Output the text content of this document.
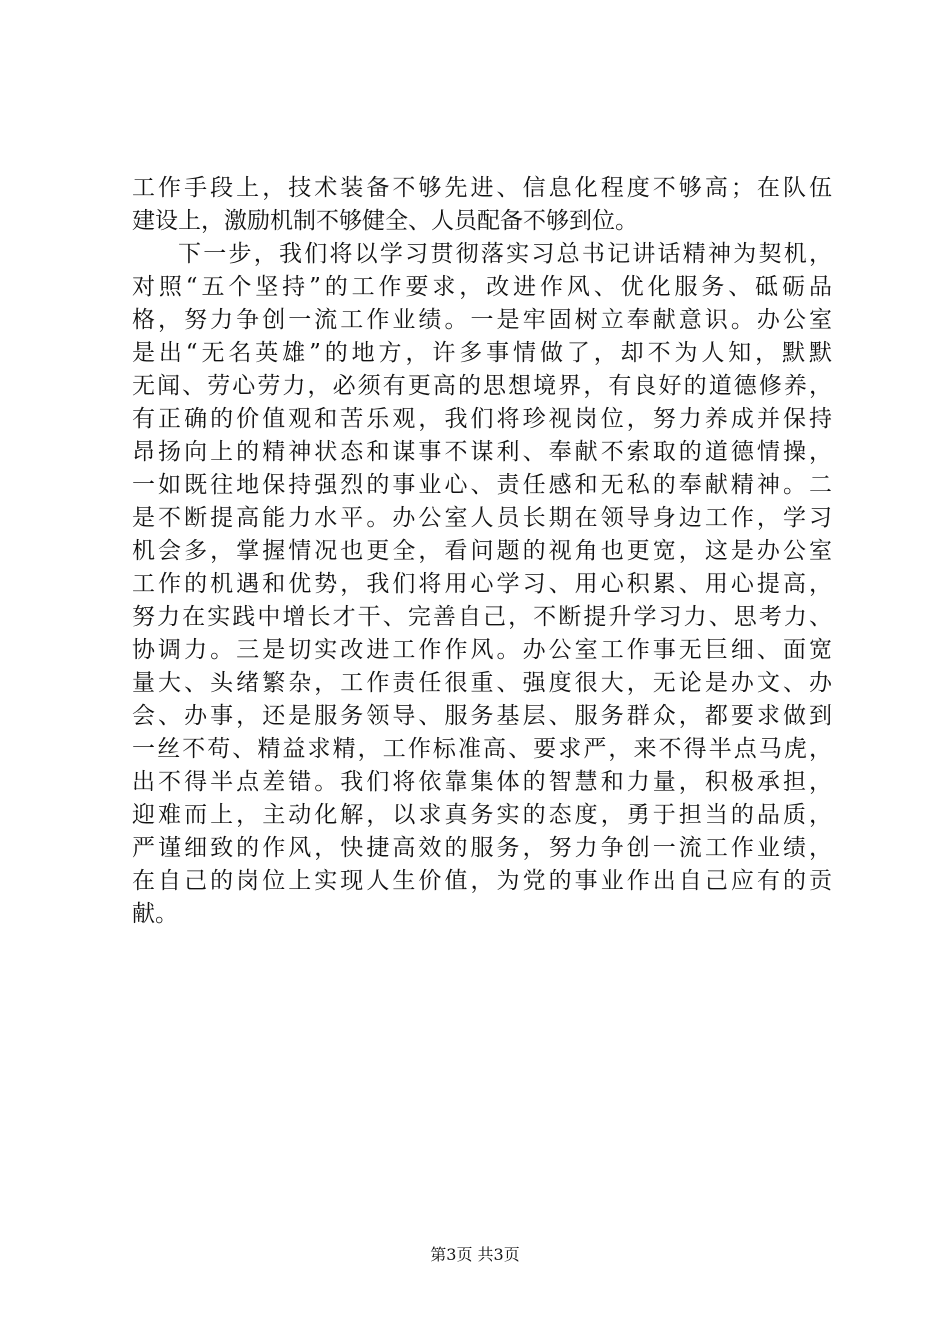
工作手段上，技术装备不够先进、信息化程度不够高；在队伍
建设上，激励机制不够健全、人员配备不够到位。
下一步，我们将以学习贯彻落实习总书记讲话精神为契机，
对照“五个坚持”的工作要求，改进作风、优化服务、砥砺品
格，努力争创一流工作业绩。一是牢固树立奉献意识。办公室
是出“无名英雄”的地方，许多事情做了，却不为人知，默默
无闻、劳心劳力，必须有更高的思想境界，有良好的道德修养，
有正确的价值观和苦乐观，我们将珍视岗位，努力养成并保持
昂扬向上的精神状态和谋事不谋利、奉献不索取的道德情操，
一如既往地保持强烈的事业心、责任感和无私的奉献精神。二
是不断提高能力水平。办公室人员长期在领导身边工作，学习
机会多，掌握情况也更全，看问题的视角也更宽，这是办公室
工作的机遇和优势，我们将用心学习、用心积累、用心提高，
努力在实践中增长才干、完善自己，不断提升学习力、思考力、
协调力。三是切实改进工作作风。办公室工作事无巨细、面宽
量大、头绪繁杂，工作责任很重、强度很大，无论是办文、办
会、办事，还是服务领导、服务基层、服务群众，都要求做到
一丝不苟、精益求精，工作标准高、要求严，来不得半点马虎，
出不得半点差错。我们将依靠集体的智慧和力量，积极承担，
迎难而上，主动化解，以求真务实的态度，勇于担当的品质，
严谨细致的作风，快捷高效的服务，努力争创一流工作业绩，
在自己的岗位上实现人生价值，为党的事业作出自己应有的贡
献。
第3页 共3页
